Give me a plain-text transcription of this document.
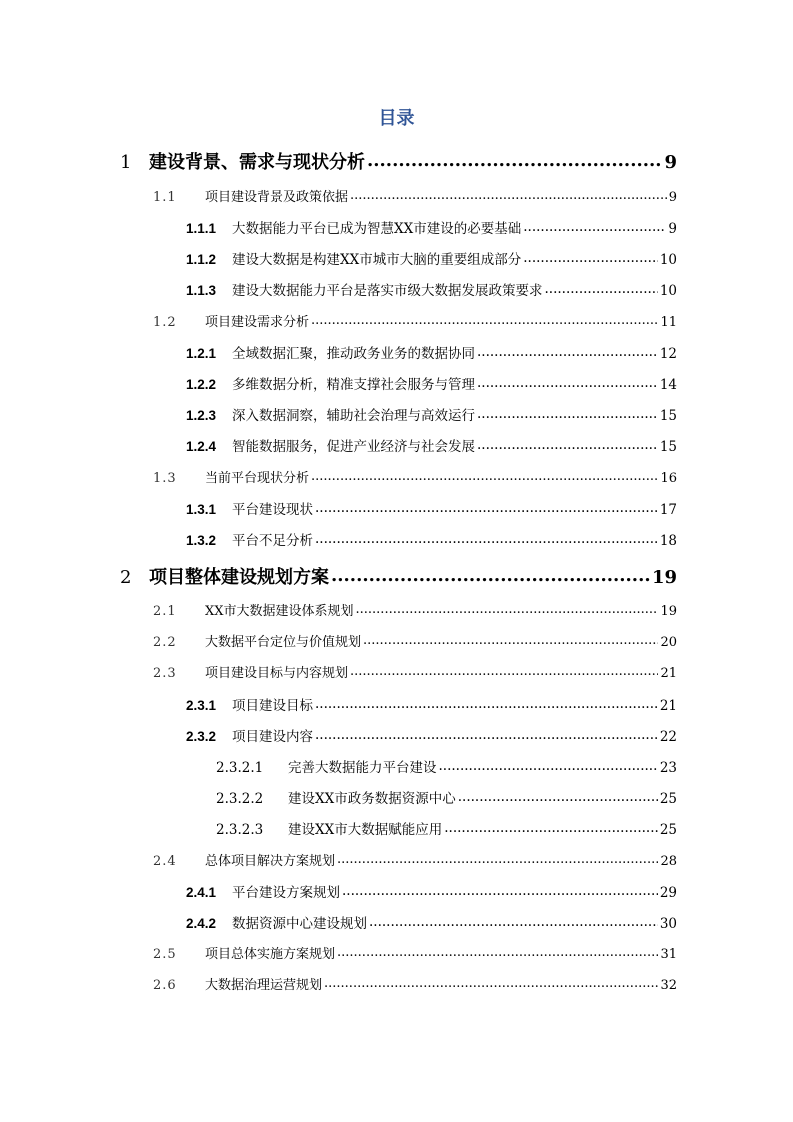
目录
1 建设背景、需求与现状分析 .....	9
1.1	项目建设背景及政策依据 .....	9
1.1.1	大数据能力平台已成为智慧XX市建设的必要基础 .....	9
1.1.2	建设大数据是构建XX市城市大脑的重要组成部分 .....	10
1.1.3	建设大数据能力平台是落实市级大数据发展政策要求 .....	10
1.2	项目建设需求分析 .....	11
1.2.1	全域数据汇聚，推动政务业务的数据协同 .....	12
1.2.2	多维数据分析，精准支撑社会服务与管理 .....	14
1.2.3	深入数据洞察，辅助社会治理与高效运行 .....	15
1.2.4	智能数据服务，促进产业经济与社会发展 .....	15
1.3	当前平台现状分析 .....	16
1.3.1	平台建设现状 .....	17
1.3.2	平台不足分析 .....	18
2 项目整体建设规划方案 .....	19
2.1	XX市大数据建设体系规划 .....	19
2.2	大数据平台定位与价值规划 .....	20
2.3	项目建设目标与内容规划 .....	21
2.3.1	项目建设目标 .....	21
2.3.2	项目建设内容 .....	22
2.3.2.1	完善大数据能力平台建设 .....	23
2.3.2.2	建设XX市政务数据资源中心 .....	25
2.3.2.3	建设XX市大数据赋能应用 .....	25
2.4	总体项目解决方案规划 .....	28
2.4.1	平台建设方案规划 .....	29
2.4.2	数据资源中心建设规划 .....	30
2.5	项目总体实施方案规划 .....	31
2.6	大数据治理运营规划 .....	32
